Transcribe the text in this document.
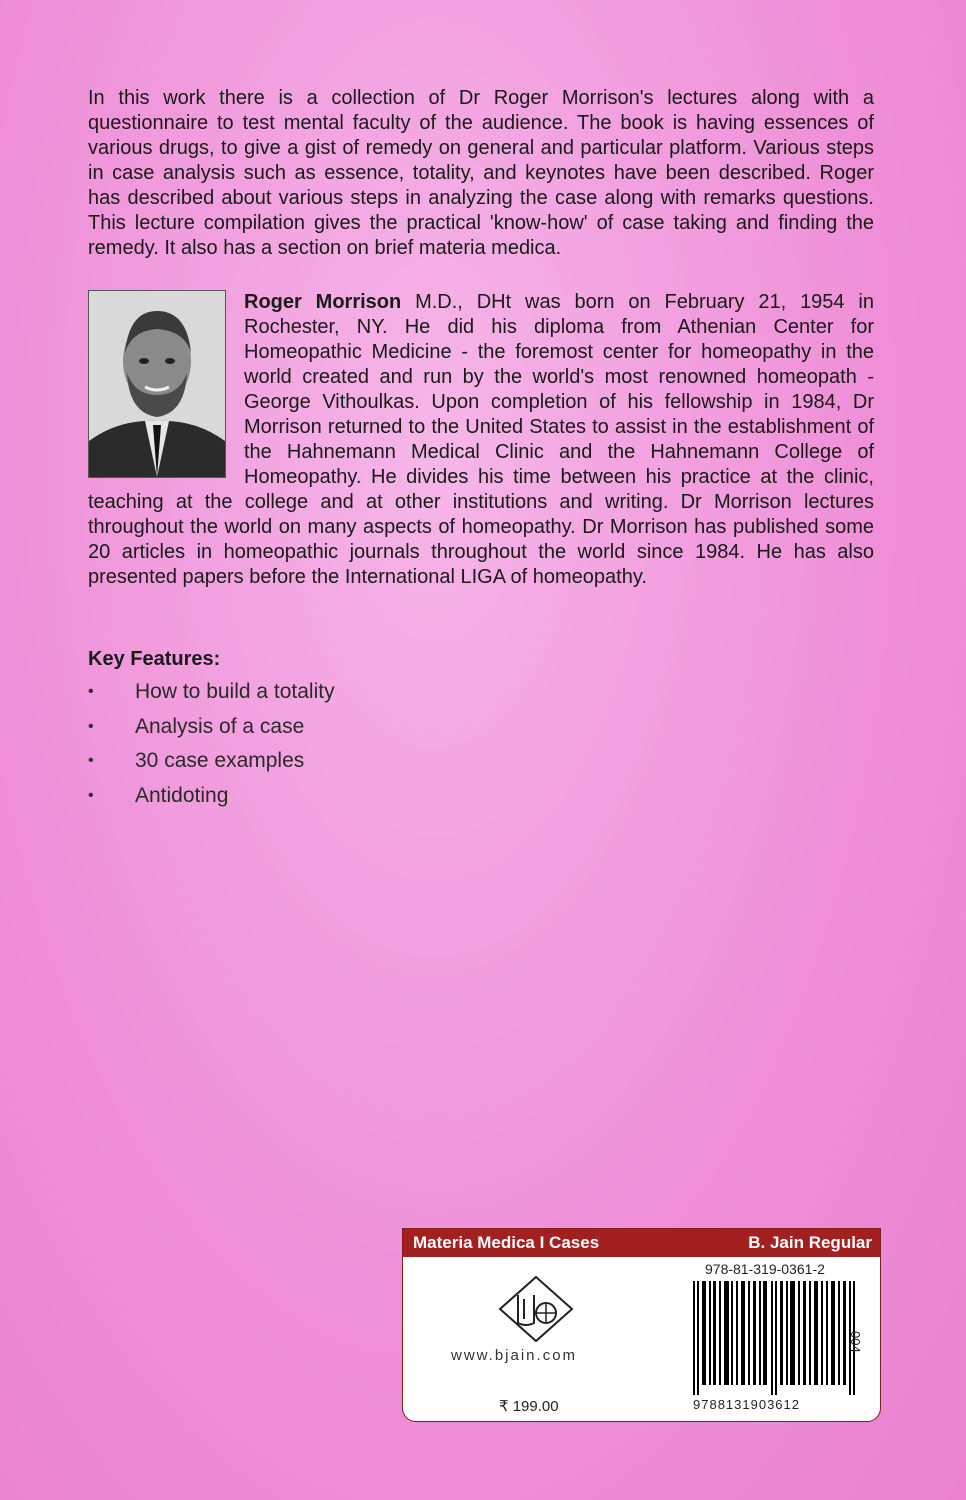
In this work there is a collection of Dr Roger Morrison's lectures along with a questionnaire to test mental faculty of the audience. The book is having essences of various drugs, to give a gist of remedy on general and particular platform. Various steps in case analysis such as essence, totality, and keynotes have been described. Roger has described about various steps in analyzing the case along with remarks questions. This lecture compilation gives the practical 'know-how' of case taking and finding the remedy. It also has a section on brief materia medica.

Roger Morrison M.D., DHt was born on February 21, 1954 in Rochester, NY. He did his diploma from Athenian Center for Homeopathic Medicine - the foremost center for homeopathy in the world created and run by the world's most renowned homeopath - George Vithoulkas. Upon completion of his fellowship in 1984, Dr Morrison returned to the United States to assist in the establishment of the Hahnemann Medical Clinic and the Hahnemann College of Homeopathy. He divides his time between his practice at the clinic, teaching at the college and at other institutions and writing. Dr Morrison lectures throughout the world on many aspects of homeopathy. Dr Morrison has published some 20 articles in homeopathic journals throughout the world since 1984. He has also presented papers before the International LIGA of homeopathy.
Key Features:
• How to build a totality
• Analysis of a case
• 30 case examples
• Antidoting
Materia Medica I Cases	B. Jain Regular
www.bjain.com
₹ 199.00
978-81-319-0361-2
9788131903612
004
